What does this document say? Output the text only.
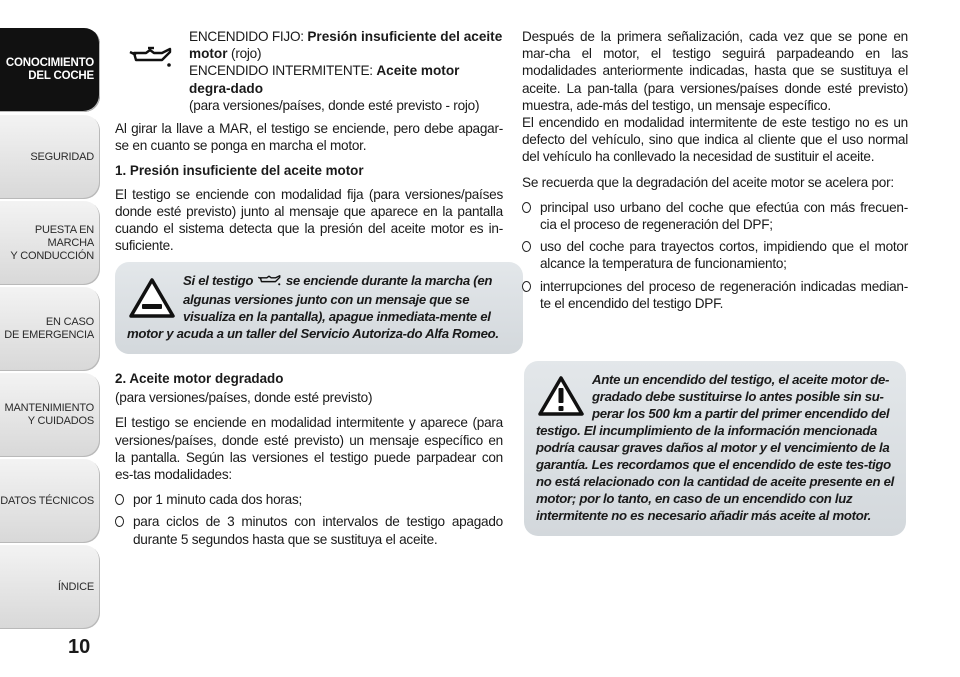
CONOCIMIENTO
DEL COCHE
SEGURIDAD
PUESTA EN MARCHA
Y CONDUCCIÓN
EN CASO
DE EMERGENCIA
MANTENIMIENTO
Y CUIDADOS
DATOS TÉCNICOS
ÍNDICE
10
ENCENDIDO FIJO: Presión insuficiente del aceite motor (rojo)
ENCENDIDO INTERMITENTE: Aceite motor degra-dado
(para versiones/países, donde esté previsto - rojo)

Al girar la llave a MAR, el testigo se enciende, pero debe apagar-se en cuanto se ponga en marcha el motor.

1. Presión insuficiente del aceite motor

El testigo se enciende con modalidad fija (para versiones/países donde esté previsto) junto al mensaje que aparece en la pantalla cuando el sistema detecta que la presión del aceite motor es in-suficiente.

Si el testigo  se enciende durante la marcha (en algunas versiones junto con un mensaje que se visualiza en la pantalla), apague inmediata-mente el motor y acuda a un taller del Servicio Autoriza-do Alfa Romeo.
2. Aceite motor degradado
(para versiones/países, donde esté previsto)

El testigo se enciende en modalidad intermitente y aparece (para versiones/países, donde esté previsto) un mensaje específico en la pantalla. Según las versiones el testigo puede parpadear con es-tas modalidades:

por 1 minuto cada dos horas;
para ciclos de 3 minutos con intervalos de testigo apagado durante 5 segundos hasta que se sustituya el aceite.

Después de la primera señalización, cada vez que se pone en mar-cha el motor, el testigo seguirá parpadeando en las modalidades anteriormente indicadas, hasta que se sustituya el aceite. La pan-talla (para versiones/países donde esté previsto) muestra, ade-más del testigo, un mensaje específico.

El encendido en modalidad intermitente de este testigo no es un defecto del vehículo, sino que indica al cliente que el uso normal del vehículo ha conllevado la necesidad de sustituir el aceite.

Se recuerda que la degradación del aceite motor se acelera por:

principal uso urbano del coche que efectúa con más frecuen-cia el proceso de regeneración del DPF;
uso del coche para trayectos cortos, impidiendo que el motor alcance la temperatura de funcionamiento;
interrupciones del proceso de regeneración indicadas median-te el encendido del testigo DPF.
Ante un encendido del testigo, el aceite motor de-gradado debe sustituirse lo antes posible sin su-perar los 500 km a partir del primer encendido del testigo. El incumplimiento de la información mencionada podría causar graves daños al motor y el vencimiento de la garantía. Les recordamos que el encendido de este tes-tigo no está relacionado con la cantidad de aceite presente en el motor; por lo tanto, en caso de un encendido con luz intermitente no es necesario añadir más aceite al motor.
